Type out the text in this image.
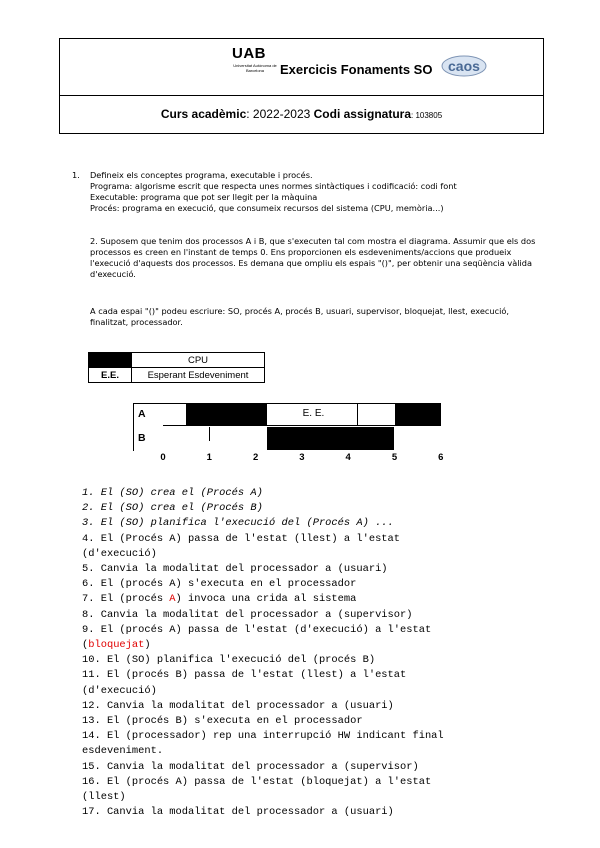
UAB
Universitat Autònoma de Barcelona	Exercicis Fonaments SO caos
Curs acadèmic: 2022-2023 Codi assignatura: 103805
1. Defineix els conceptes programa, executable i procés.
Programa: algorisme escrit que respecta unes normes sintàctiques i codificació: codi font
Executable: programa que pot ser llegit per la màquina
Procés: programa en execució, que consumeix recursos del sistema (CPU, memòria...)
2. Suposem que tenim dos processos A i B, que s'executen tal com mostra el diagrama. Assumir que els dos
processos es creen en l'instant de temps 0. Ens proporcionen els esdeveniments/accions que produeix
l'execució d'aquests dos processos. Es demana que ompliu els espais "()", per obtenir una seqüència vàlida
d'execució.
A cada espai "()" podeu escriure: SO, procés A, procés B, usuari, supervisor, bloquejat, llest, execució,
finalitzat, processador.
	CPU
E.E.	Esperant Esdeveniment
A
B
E. E.
0	1	2	3	4	5	6
1. El (SO) crea el (Procés A)
2. El (SO) crea el (Procés B)
3. El (SO) planifica l'execució del (Procés A) ...
4. El (Procés A) passa de l'estat (llest) a l'estat
(d'execució)
5. Canvia la modalitat del processador a (usuari)
6. El (procés A) s'executa en el processador
7. El (procés A) invoca una crida al sistema
8. Canvia la modalitat del processador a (supervisor)
9. El (procés A) passa de l'estat (d'execució) a l'estat
(bloquejat)
10. El (SO) planifica l'execució del (procés B)
11. El (procés B) passa de l'estat (llest) a l'estat
(d'execució)
12. Canvia la modalitat del processador a (usuari)
13. El (procés B) s'executa en el processador
14. El (processador) rep una interrupció HW indicant final
esdeveniment.
15. Canvia la modalitat del processador a (supervisor)
16. El (procés A) passa de l'estat (bloquejat) a l'estat
(llest)
17. Canvia la modalitat del processador a (usuari)
